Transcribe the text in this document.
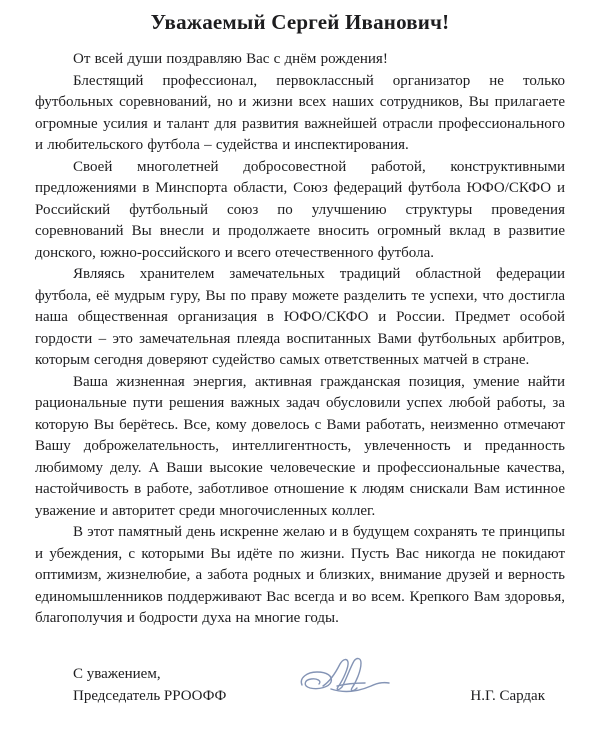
Уважаемый Сергей Иванович!

От всей души поздравляю Вас с днём рождения!

Блестящий профессионал, первоклассный организатор не только футбольных соревнований, но и жизни всех наших сотрудников, Вы прилагаете огромные усилия и талант для развития важнейшей отрасли профессионального и любительского футбола – судейства и инспектирования.

Своей многолетней добросовестной работой, конструктивными предложениями в Минспорта области, Союз федераций футбола ЮФО/СКФО и Российский футбольный союз по улучшению структуры проведения соревнований Вы внесли и продолжаете вносить огромный вклад в развитие донского, южно-российского и всего отечественного футбола.

Являясь хранителем замечательных традиций областной федерации футбола, её мудрым гуру, Вы по праву можете разделить те успехи, что достигла наша общественная организация в ЮФО/СКФО и России. Предмет особой гордости – это замечательная плеяда воспитанных Вами футбольных арбитров, которым сегодня доверяют судейство самых ответственных матчей в стране.

Ваша жизненная энергия, активная гражданская позиция, умение найти рациональные пути решения важных задач обусловили успех любой работы, за которую Вы берётесь. Все, кому довелось с Вами работать, неизменно отмечают Вашу доброжелательность, интеллигентность, увлеченность и преданность любимому делу. А Ваши высокие человеческие и профессиональные качества, настойчивость в работе, заботливое отношение к людям снискали Вам истинное уважение и авторитет среди многочисленных коллег.

В этот памятный день искренне желаю и в будущем сохранять те принципы и убеждения, с которыми Вы идёте по жизни. Пусть Вас никогда не покидают оптимизм, жизнелюбие, а забота родных и близких, внимание друзей и верность единомышленников поддерживают Вас всегда и во всем. Крепкого Вам здоровья, благополучия и бодрости духа на многие годы.

С уважением,
Председатель РРООФФ	Н.Г. Сардак
